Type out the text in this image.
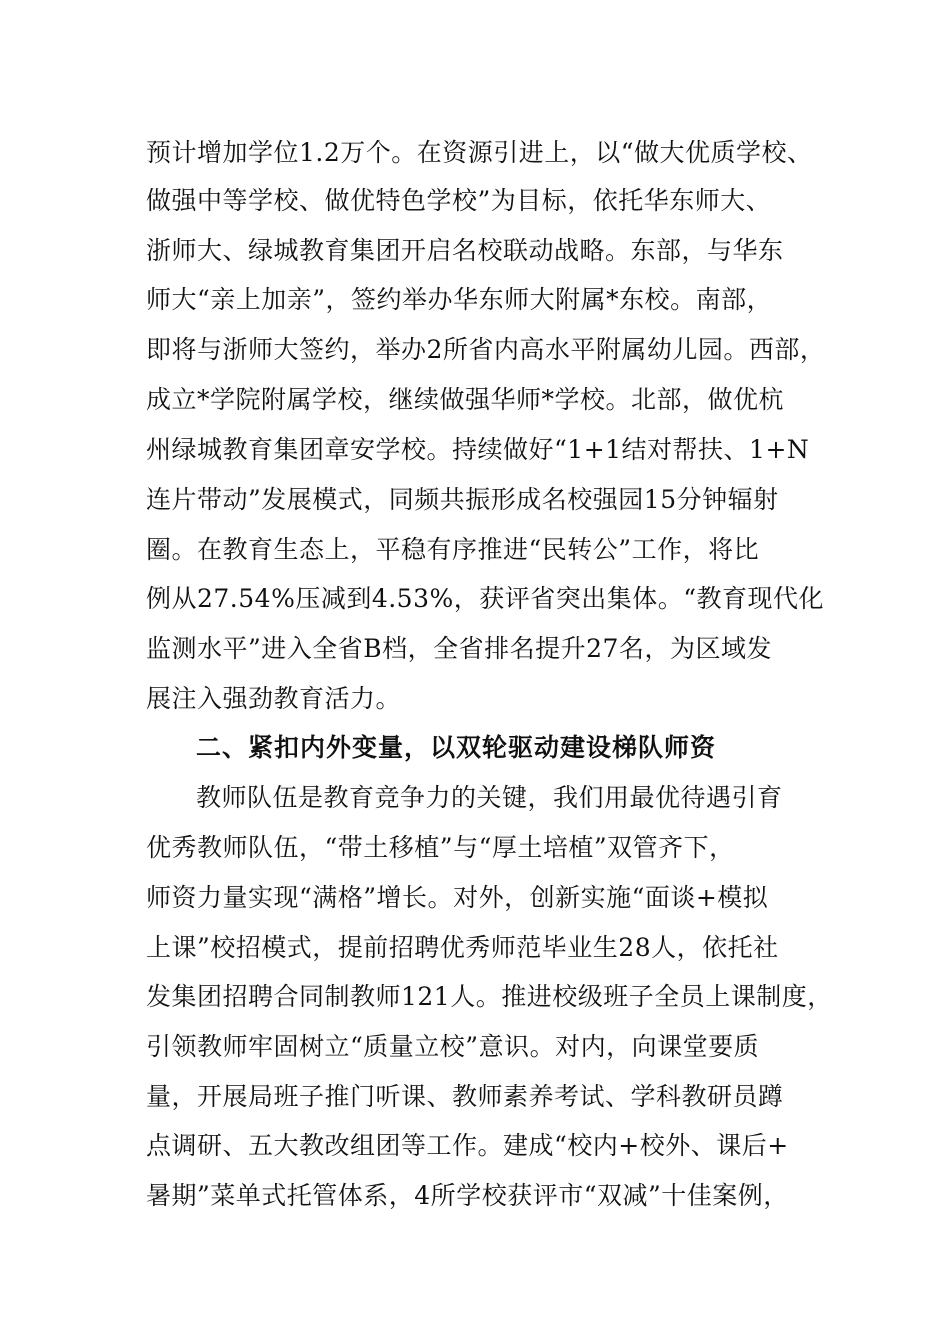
预计增加学位1.2万个。在资源引进上，以“做大优质学校、
做强中等学校、做优特色学校”为目标，依托华东师大、
浙师大、绿城教育集团开启名校联动战略。东部，与华东
师大“亲上加亲”，签约举办华东师大附属*东校。南部，
即将与浙师大签约，举办2所省内高水平附属幼儿园。西部，
成立*学院附属学校，继续做强华师*学校。北部，做优杭
州绿城教育集团章安学校。持续做好“1+1结对帮扶、1+N
连片带动”发展模式，同频共振形成名校强园15分钟辐射
圈。在教育生态上，平稳有序推进“民转公”工作，将比
例从27.54%压减到4.53%，获评省突出集体。“教育现代化
监测水平”进入全省B档，全省排名提升27名，为区域发
展注入强劲教育活力。
二、紧扣内外变量，以双轮驱动建设梯队师资
教师队伍是教育竞争力的关键，我们用最优待遇引育
优秀教师队伍，“带土移植”与“厚土培植”双管齐下，
师资力量实现“满格”增长。对外，创新实施“面谈+模拟
上课”校招模式，提前招聘优秀师范毕业生28人，依托社
发集团招聘合同制教师121人。推进校级班子全员上课制度，
引领教师牢固树立“质量立校”意识。对内，向课堂要质
量，开展局班子推门听课、教师素养考试、学科教研员蹲
点调研、五大教改组团等工作。建成“校内+校外、课后+
暑期”菜单式托管体系，4所学校获评市“双减”十佳案例，
